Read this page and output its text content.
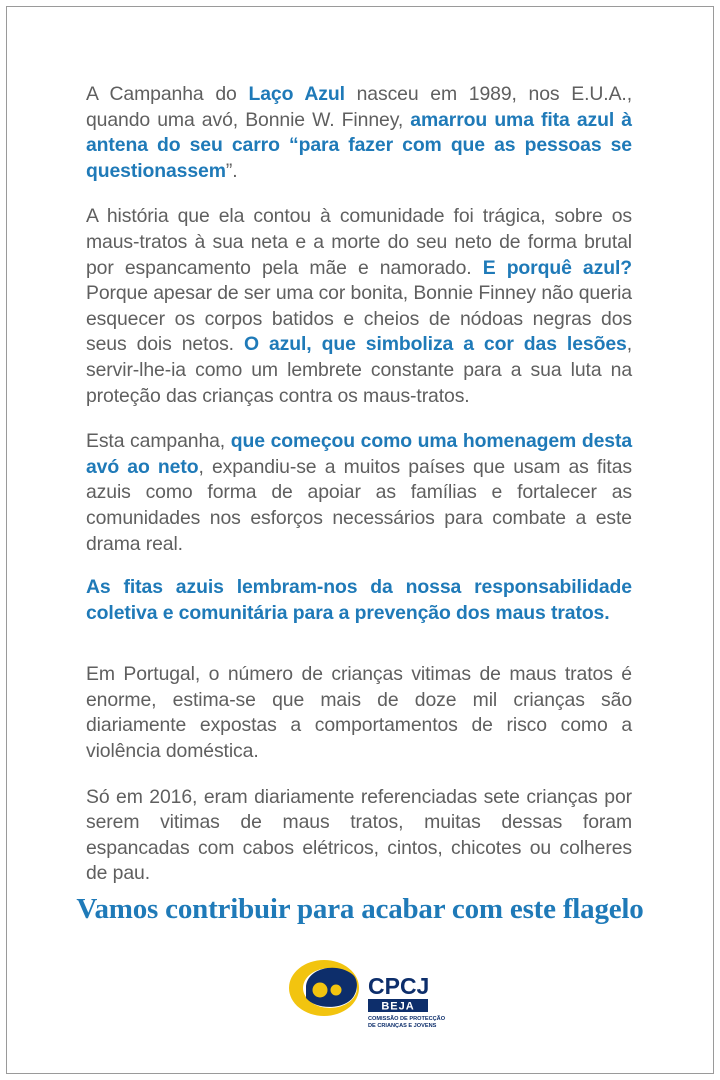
A Campanha do Laço Azul nasceu em 1989, nos E.U.A., quando uma avó, Bonnie W. Finney, amarrou uma fita azul à antena do seu carro “para fazer com que as pessoas se questionassem”.

A história que ela contou à comunidade foi trágica, sobre os maus-tratos à sua neta e a morte do seu neto de forma brutal por espancamento pela mãe e namorado. E porquê azul? Porque apesar de ser uma cor bonita, Bonnie Finney não queria esquecer os corpos batidos e cheios de nódoas negras dos seus dois netos. O azul, que simboliza a cor das lesões, servir-lhe-ia como um lembrete constante para a sua luta na proteção das crianças contra os maus-tratos.

Esta campanha, que começou como uma homenagem desta avó ao neto, expandiu-se a muitos países que usam as fitas azuis como forma de apoiar as famílias e fortalecer as comunidades nos esforços necessários para combate a este drama real.

As fitas azuis lembram-nos da nossa responsabilidade coletiva e comunitária para a prevenção dos maus tratos.

Em Portugal, o número de crianças vitimas de maus tratos é enorme, estima-se que mais de doze mil crianças são diariamente expostas a comportamentos de risco como a violência doméstica.

Só em 2016, eram diariamente referenciadas sete crianças por serem vitimas de maus tratos, muitas dessas foram espancadas com cabos elétricos, cintos, chicotes ou colheres de pau.

Vamos contribuir para acabar com este flagelo
CPCJ
BEJA
COMISSÃO DE PROTECÇÃO
DE CRIANÇAS E JOVENS
